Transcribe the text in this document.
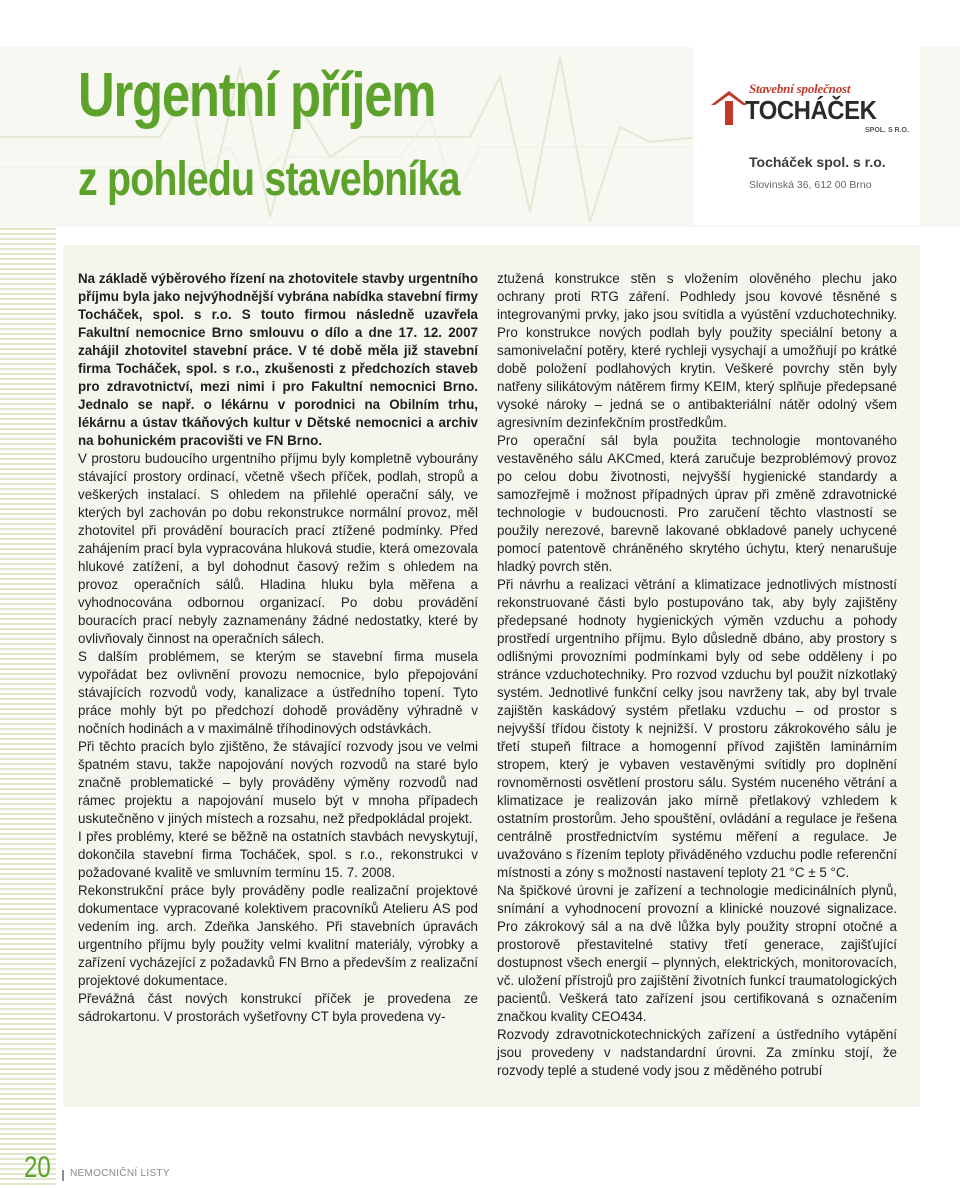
Urgentní příjem
z pohledu stavebníka
Stavební společnost
TOCHÁČEK
SPOL. S R.O.
Tocháček spol. s r.o.
Slovinská 36, 612 00 Brno

Na základě výběrového řízení na zhotovitele stavby urgentního příjmu byla jako nejvýhodnější vybrána nabídka stavební firmy Tocháček, spol. s r.o. S touto firmou následně uzavřela Fakultní nemocnice Brno smlouvu o dílo a dne 17. 12. 2007 zahájil zhotovitel stavební práce. V té době měla již stavební firma Tocháček, spol. s r.o., zkušenosti z předchozích staveb pro zdravotnictví, mezi nimi i pro Fakultní nemocnici Brno. Jednalo se např. o lékárnu v porodnici na Obilním trhu, lékárnu a ústav tkáňových kultur v Dětské nemocnici a archiv na bohunickém pracovišti ve FN Brno.

V prostoru budoucího urgentního příjmu byly kompletně vybourány stávající prostory ordinací, včetně všech příček, podlah, stropů a veškerých instalací. S ohledem na přilehlé operační sály, ve kterých byl zachován po dobu rekonstrukce normální provoz, měl zhotovitel při provádění bouracích prací ztížené podmínky. Před zahájením prací byla vypracována hluková studie, která omezovala hlukové zatížení, a byl dohodnut časový režim s ohledem na provoz operačních sálů. Hladina hluku byla měřena a vyhodnocována odbornou organizací. Po dobu provádění bouracích prací nebyly zaznamenány žádné nedostatky, které by ovlivňovaly činnost na operačních sálech.

S dalším problémem, se kterým se stavební firma musela vypořádat bez ovlivnění provozu nemocnice, bylo přepojování stávajících rozvodů vody, kanalizace a ústředního topení. Tyto práce mohly být po předchozí dohodě prováděny výhradně v nočních hodinách a v maximálně tříhodinových odstávkách.

Při těchto pracích bylo zjištěno, že stávající rozvody jsou ve velmi špatném stavu, takže napojování nových rozvodů na staré bylo značně problematické – byly prováděny výměny rozvodů nad rámec projektu a napojování muselo být v mnoha případech uskutečněno v jiných místech a rozsahu, než předpokládal projekt.

I přes problémy, které se běžně na ostatních stavbách nevyskytují, dokončila stavební firma Tocháček, spol. s r.o., rekonstrukci v požadované kvalitě ve smluvním termínu 15. 7. 2008.

Rekonstrukční práce byly prováděny podle realizační projektové dokumentace vypracované kolektivem pracovníků Atelieru AS pod vedením ing. arch. Zdeňka Janského. Při stavebních úpravách urgentního příjmu byly použity velmi kvalitní materiály, výrobky a zařízení vycházející z požadavků FN Brno a především z realizační projektové dokumentace.

Převážná část nových konstrukcí příček je provedena ze sádrokartonu. V prostorách vyšetřovny CT byla provedena vy-

ztužená konstrukce stěn s vložením olověného plechu jako ochrany proti RTG záření. Podhledy jsou kovové těsněné s integrovanými prvky, jako jsou svítidla a vyústění vzduchotechniky. Pro konstrukce nových podlah byly použity speciální betony a samonivelační potěry, které rychleji vysychají a umožňují po krátké době položení podlahových krytin. Veškeré povrchy stěn byly natřeny silikátovým nátěrem firmy KEIM, který splňuje předepsané vysoké nároky – jedná se o antibakteriální nátěr odolný všem agresivním dezinfekčním prostředkům.

Pro operační sál byla použita technologie montovaného vestavěného sálu AKCmed, která zaručuje bezproblémový provoz po celou dobu životnosti, nejvyšší hygienické standardy a samozřejmě i možnost případných úprav při změně zdravotnické technologie v budoucnosti. Pro zaručení těchto vlastností se použily nerezové, barevně lakované obkladové panely uchycené pomocí patentově chráněného skrytého úchytu, který nenarušuje hladký povrch stěn.

Při návrhu a realizaci větrání a klimatizace jednotlivých místností rekonstruované části bylo postupováno tak, aby byly zajištěny předepsané hodnoty hygienických výměn vzduchu a pohody prostředí urgentního příjmu. Bylo důsledně dbáno, aby prostory s odlišnými provozními podmínkami byly od sebe odděleny i po stránce vzduchotechniky. Pro rozvod vzduchu byl použit nízkotlaký systém. Jednotlivé funkční celky jsou navrženy tak, aby byl trvale zajištěn kaskádový systém přetlaku vzduchu – od prostor s nejvyšší třídou čistoty k nejnižší. V prostoru zákrokového sálu je třetí stupeň filtrace a homogenní přívod zajištěn laminárním stropem, který je vybaven vestavěnými svítidly pro doplnění rovnoměrnosti osvětlení prostoru sálu. Systém nuceného větrání a klimatizace je realizován jako mírně přetlakový vzhledem k ostatním prostorům. Jeho spouštění, ovládání a regulace je řešena centrálně prostřednictvím systému měření a regulace. Je uvažováno s řízením teploty přiváděného vzduchu podle referenční místnosti a zóny s možností nastavení teploty 21 °C ± 5 °C.

Na špičkové úrovni je zařízení a technologie medicinálních plynů, snímání a vyhodnocení provozní a klinické nouzové signalizace. Pro zákrokový sál a na dvě lůžka byly použity stropní otočné a prostorově přestavitelné stativy třetí generace, zajišťující dostupnost všech energií – plynných, elektrických, monitorovacích, vč. uložení přístrojů pro zajištění životních funkcí traumatologických pacientů. Veškerá tato zařízení jsou certifikovaná s označením značkou kvality CEO434.

Rozvody zdravotnickotechnických zařízení a ústředního vytápění jsou provedeny v nadstandardní úrovni. Za zmínku stojí, že rozvody teplé a studené vody jsou z měděného potrubí

20 NEMOCNIČNÍ LISTY
